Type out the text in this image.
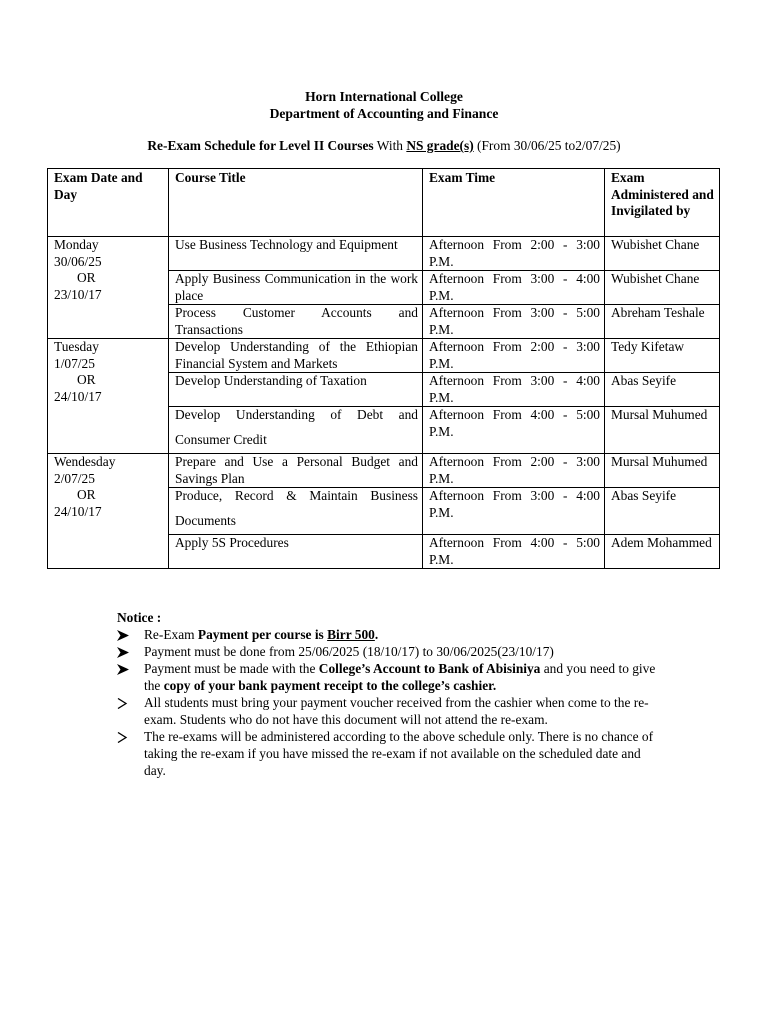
Horn International College
Department of Accounting and Finance
Re-Exam Schedule for Level II Courses With NS grade(s) (From 30/06/25 to2/07/25)
Exam Date and Day	Course Title	Exam Time	Exam Administered and Invigilated by

Monday
30/06/25
OR
23/10/17	Use Business Technology and Equipment	Afternoon From 2:00 - 3:00 P.M.	Wubishet Chane
	Apply Business Communication in the work place	Afternoon From 3:00 - 4:00 P.M.	Wubishet Chane
	Process Customer Accounts and Transactions	Afternoon From 3:00 - 5:00 P.M.	Abreham Teshale

Tuesday
1/07/25
OR
24/10/17	Develop Understanding of the Ethiopian Financial System and Markets	Afternoon From 2:00 - 3:00 P.M.	Tedy Kifetaw
	Develop Understanding of Taxation	Afternoon From 3:00 - 4:00 P.M.	Abas Seyife

	Develop Understanding of Debt and
Consumer Credit	Afternoon From 4:00 - 5:00 P.M.	Mursal Muhumed

Wendesday
2/07/25
OR
24/10/17	Prepare and Use a Personal Budget and Savings Plan	Afternoon From 2:00 - 3:00 P.M.	Mursal Muhumed

	Produce, Record & Maintain Business
Documents	Afternoon From 3:00 - 4:00 P.M.	Abas Seyife
	Apply 5S Procedures	Afternoon From 4:00 - 5:00 P.M.	Adem Mohammed
Notice :
Re-Exam Payment per course is Birr 500.
Payment must be done from 25/06/2025 (18/10/17) to 30/06/2025(23/10/17)
Payment must be made with the College’s Account to Bank of Abisiniya and you need to give the copy of your bank payment receipt to the college’s cashier.
All students must bring your payment voucher received from the cashier when come to the re-exam. Students who do not have this document will not attend the re-exam.
The re-exams will be administered according to the above schedule only. There is no chance of taking the re-exam if you have missed the re-exam if not available on the scheduled date and day.
